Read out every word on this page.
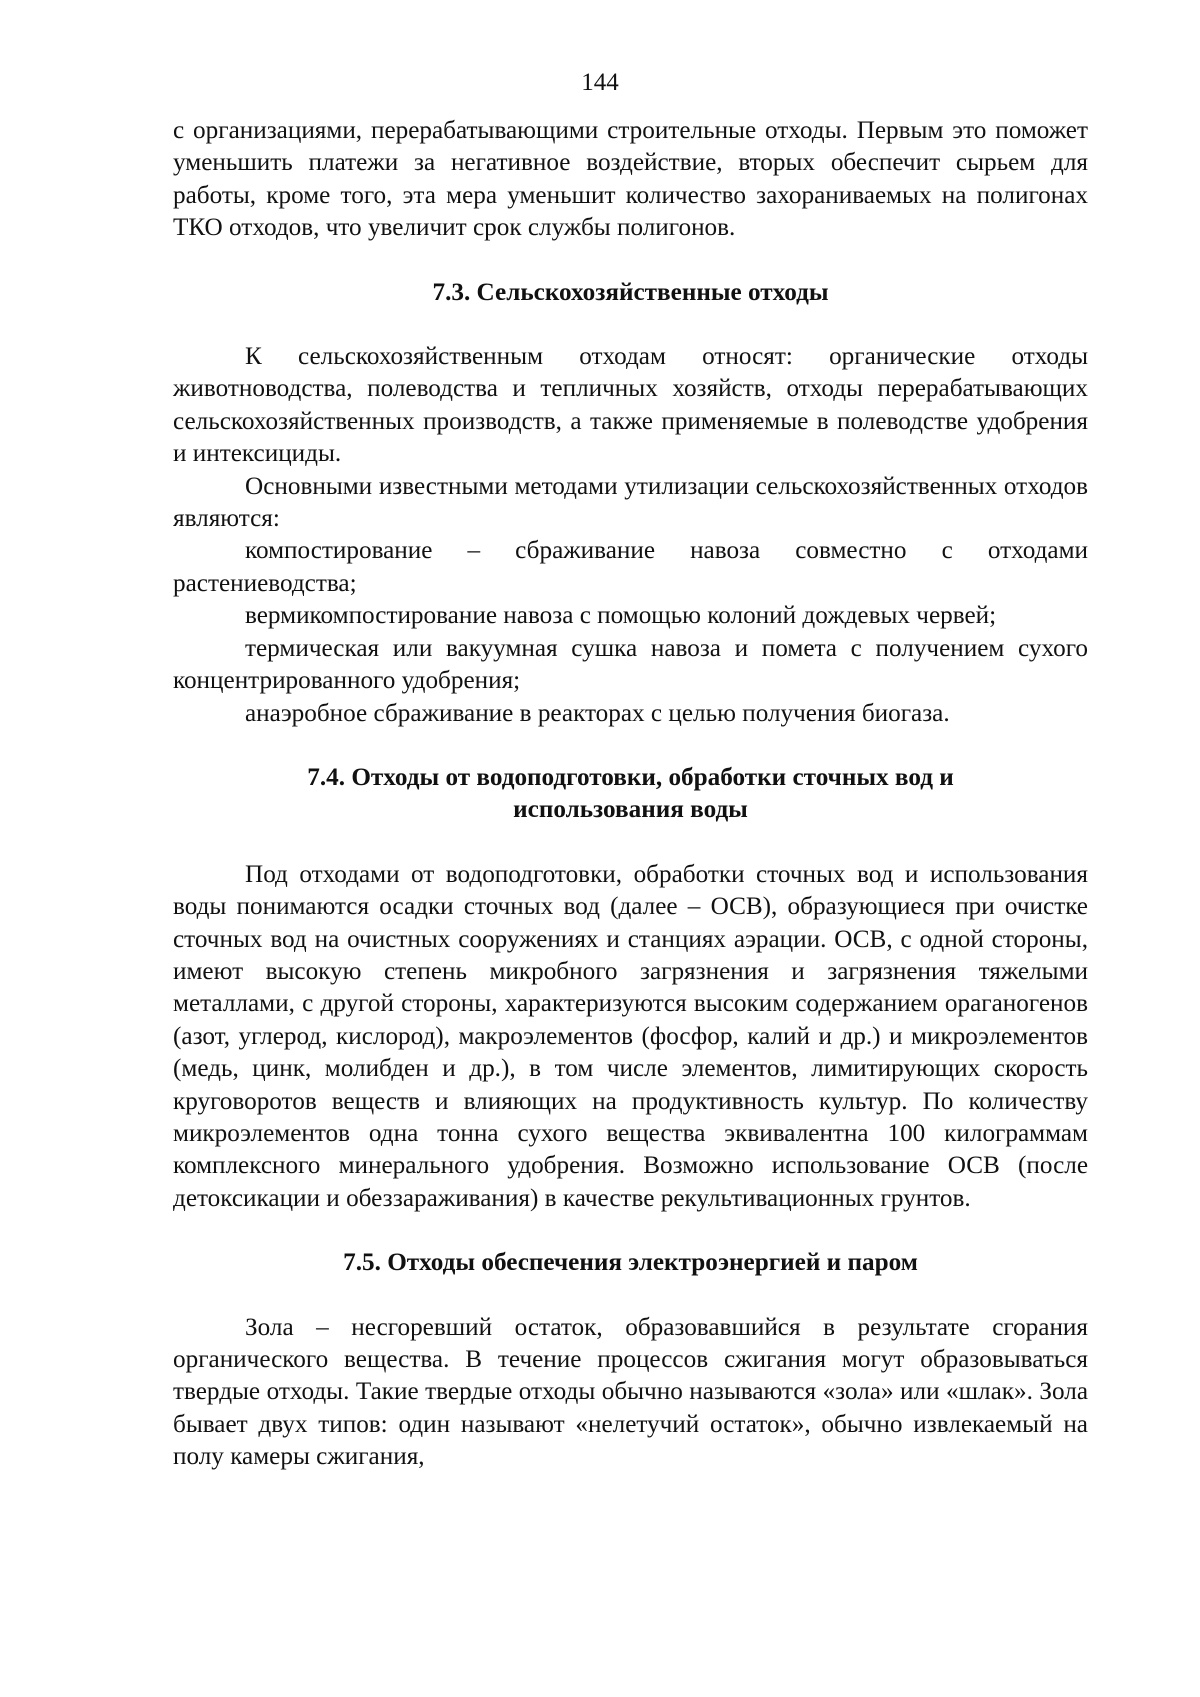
144

с организациями, перерабатывающими строительные отходы. Первым это поможет уменьшить платежи за негативное воздействие, вторых обеспечит сырьем для работы, кроме того, эта мера уменьшит количество захораниваемых на полигонах ТКО отходов, что увеличит срок службы полигонов.

7.3. Сельскохозяйственные отходы

К сельскохозяйственным отходам относят: органические отходы животноводства, полеводства и тепличных хозяйств, отходы перерабатывающих сельскохозяйственных производств, а также применяемые в полеводстве удобрения и интексициды.

Основными известными методами утилизации сельскохозяйственных отходов являются:

компостирование – сбраживание навоза совместно с отходами растениеводства;

вермикомпостирование навоза с помощью колоний дождевых червей;

термическая или вакуумная сушка навоза и помета с получением сухого концентрированного удобрения;

анаэробное сбраживание в реакторах с целью получения биогаза.

7.4. Отходы от водоподготовки, обработки сточных вод и
использования воды

Под отходами от водоподготовки, обработки сточных вод и использования воды понимаются осадки сточных вод (далее – ОСВ), образующиеся при очистке сточных вод на очистных сооружениях и станциях аэрации. ОСВ, с одной стороны, имеют высокую степень микробного загрязнения и загрязнения тяжелыми металлами, с другой стороны, характеризуются высоким содержанием ораганогенов (азот, углерод, кислород), макроэлементов (фосфор, калий и др.) и микроэлементов (медь, цинк, молибден и др.), в том числе элементов, лимитирующих скорость круговоротов веществ и влияющих на продуктивность культур. По количеству микроэлементов одна тонна сухого вещества эквивалентна 100 килограммам комплексного минерального удобрения. Возможно использование ОСВ (после детоксикации и обеззараживания) в качестве рекультивационных грунтов.

7.5. Отходы обеспечения электроэнергией и паром

Зола – несгоревший остаток, образовавшийся в результате сгорания органического вещества. В течение процессов сжигания могут образовываться твердые отходы. Такие твердые отходы обычно называются «зола» или «шлак». Зола бывает двух типов: один называют «нелетучий остаток», обычно извлекаемый на полу камеры сжигания,
